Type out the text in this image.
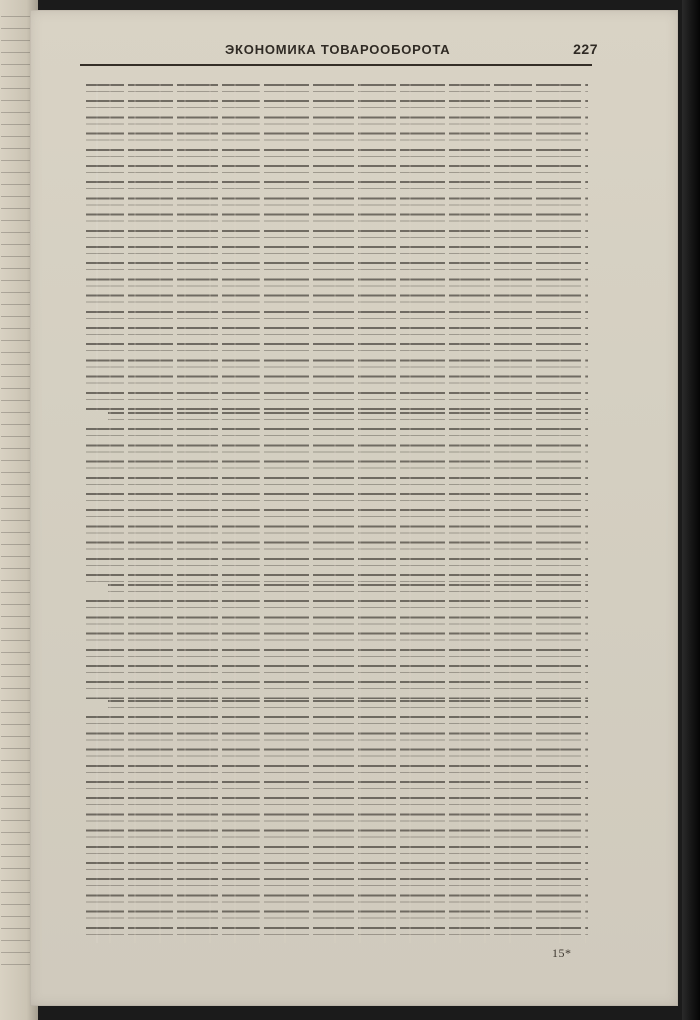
ЭКОНОМИКА ТОВАРООБОРОТА	227
15*
